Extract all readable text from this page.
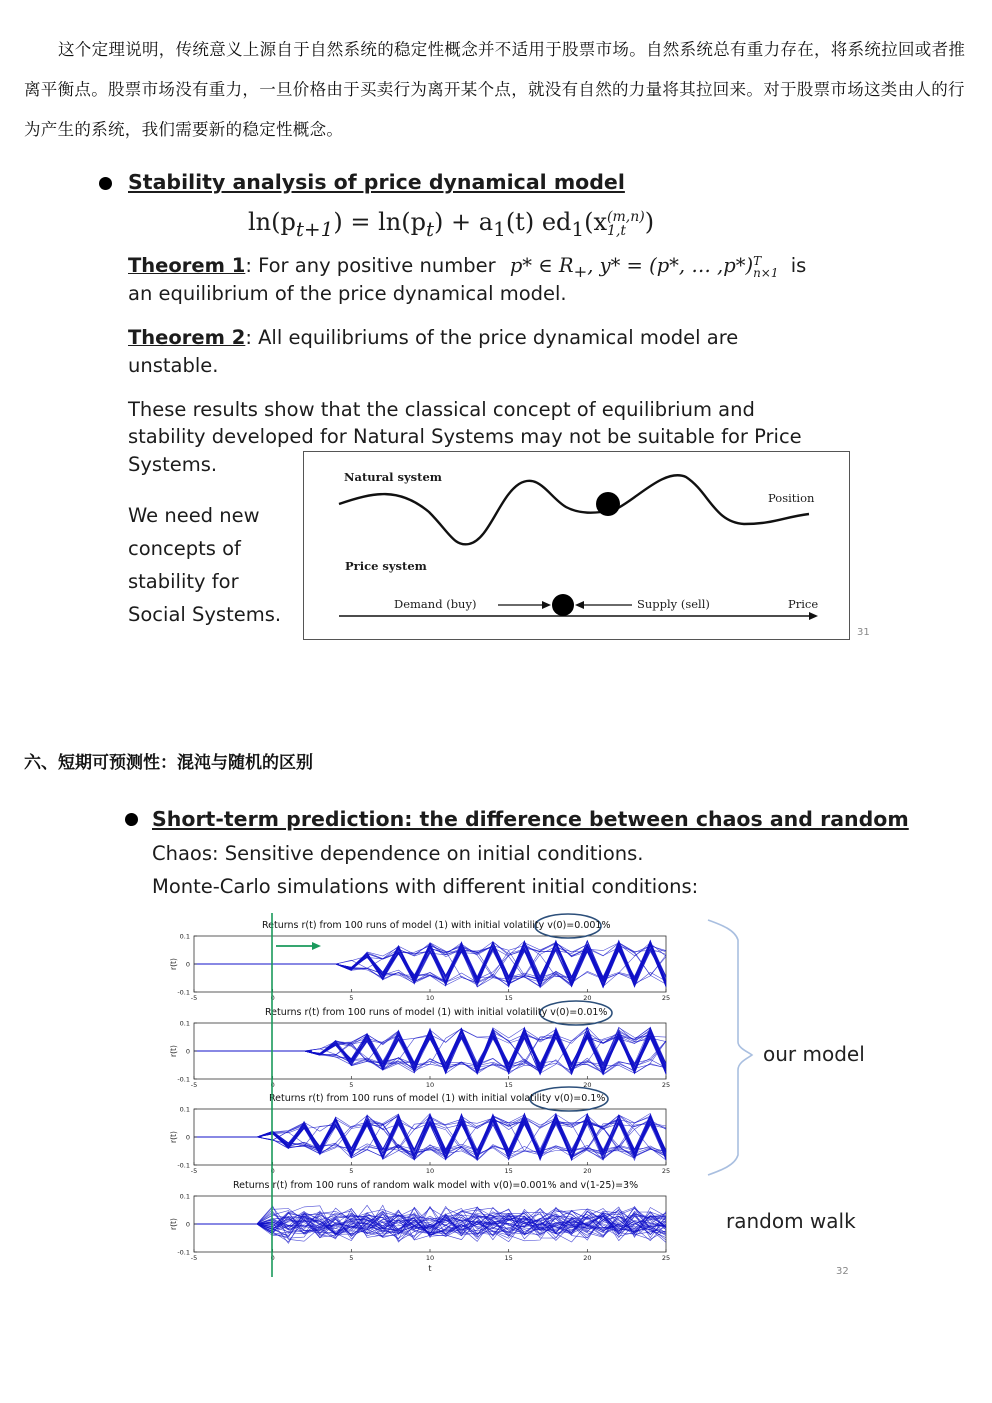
这个定理说明，传统意义上源自于自然系统的稳定性概念并不适用于股票市场。自然系统总有重力存在，将系统拉回或者推离平衡点。股票市场没有重力，一旦价格由于买卖行为离开某个点，就没有自然的力量将其拉回来。对于股票市场这类由人的行为产生的系统，我们需要新的稳定性概念。

Stability analysis of price dynamical model
$\ln(p_{t+1}) = \ln(p_t) + a_1(t)$ $ed_1(x$ (m,n)
1,t )
Theorem 1: For any positive number p* ∈ $R_+$, y* = (p*, … ,p*) T
n×1 is
an equilibrium of the price dynamical model.
Theorem 2: All equilibriums of the price dynamical model are
unstable.
These results show that the classical concept of equilibrium and
stability developed for Natural Systems may not be suitable for Price
Systems.
We need new
concepts of
stability for
Social Systems.
Natural system
Position
Price system
Demand (buy)	Supply (sell)	Price
31
六、短期可预测性：混沌与随机的区别
Short-term prediction: the difference between chaos and random
Chaos: Sensitive dependence on initial conditions.
Monte-Carlo simulations with different initial conditions:
0.1
0
-0.1
r(t)
-5	0	5	10	15	20	25
0.1
0
-0.1
r(t)
-5	0	5	10	15	20	25
0.1
0
-0.1
r(t)
-5	0	5	10	15	20	25
0.1
0
-0.1
r(t)
-5	0	5	10	15	20	25
t
Returns r(t) from 100 runs of model (1) with initial volatility v(0)=0.001%
Returns r(t) from 100 runs of model (1) with initial volatility v(0)=0.01%
Returns r(t) from 100 runs of model (1) with initial volatility v(0)=0.1%
Returns r(t) from 100 runs of random walk model with v(0)=0.001% and v(1-25)=3%
our model
random walk
32
